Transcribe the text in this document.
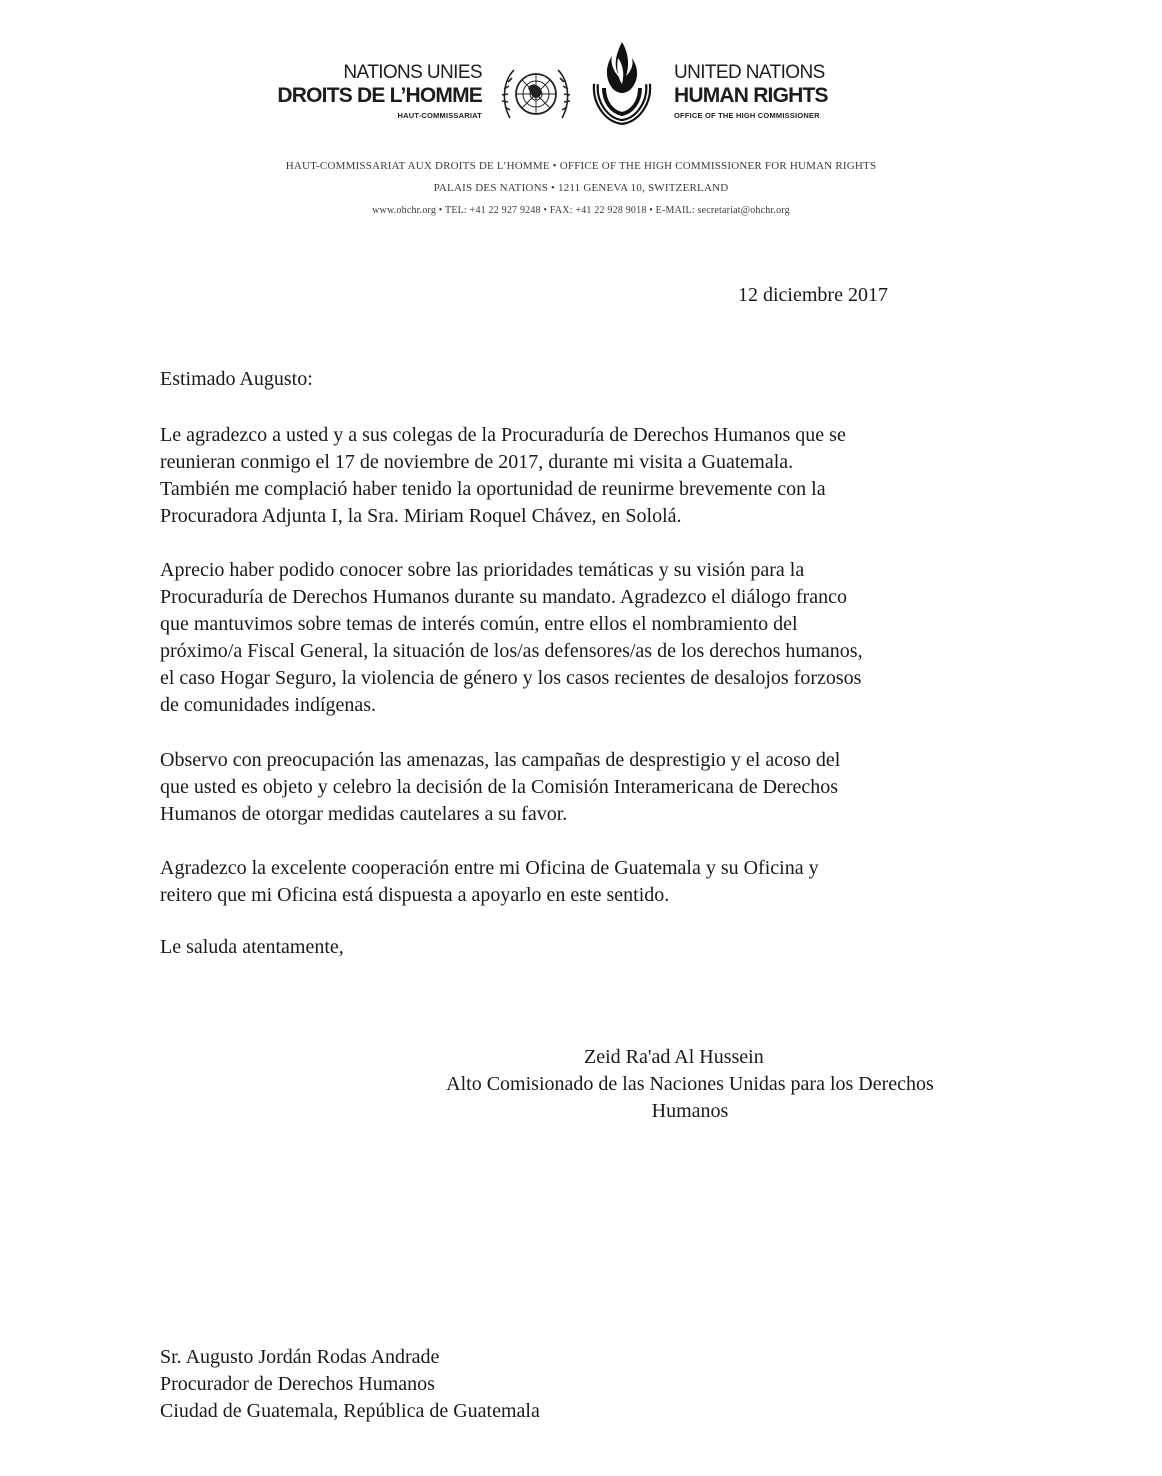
NATIONS UNIES
DROITS DE L’HOMME
HAUT-COMMISSARIAT
UNITED NATIONS
HUMAN RIGHTS
OFFICE OF THE HIGH COMMISSIONER
HAUT-COMMISSARIAT AUX DROITS DE L’HOMME • OFFICE OF THE HIGH COMMISSIONER FOR HUMAN RIGHTS
PALAIS DES NATIONS • 1211 GENEVA 10, SWITZERLAND
www.ohchr.org • TEL: +41 22 927 9248 • FAX: +41 22 928 9018 • E-MAIL: secretariat@ohchr.org
12 diciembre 2017
Estimado Augusto:
Le agradezco a usted y a sus colegas de la Procuraduría de Derechos Humanos que se
reunieran conmigo el 17 de noviembre de 2017, durante mi visita a Guatemala.
También me complació haber tenido la oportunidad de reunirme brevemente con la
Procuradora Adjunta I, la Sra. Miriam Roquel Chávez, en Sololá.
Aprecio haber podido conocer sobre las prioridades temáticas y su visión para la
Procuraduría de Derechos Humanos durante su mandato. Agradezco el diálogo franco
que mantuvimos sobre temas de interés común, entre ellos el nombramiento del
próximo/a Fiscal General, la situación de los/as defensores/as de los derechos humanos,
el caso Hogar Seguro, la violencia de género y los casos recientes de desalojos forzosos
de comunidades indígenas.
Observo con preocupación las amenazas, las campañas de desprestigio y el acoso del
que usted es objeto y celebro la decisión de la Comisión Interamericana de Derechos
Humanos de otorgar medidas cautelares a su favor.
Agradezco la excelente cooperación entre mi Oficina de Guatemala y su Oficina y
reitero que mi Oficina está dispuesta a apoyarlo en este sentido.
Le saluda atentamente,
Zeid Ra'ad Al Hussein
Alto Comisionado de las Naciones Unidas para los Derechos
Humanos
Sr. Augusto Jordán Rodas Andrade
Procurador de Derechos Humanos
Ciudad de Guatemala, República de Guatemala
